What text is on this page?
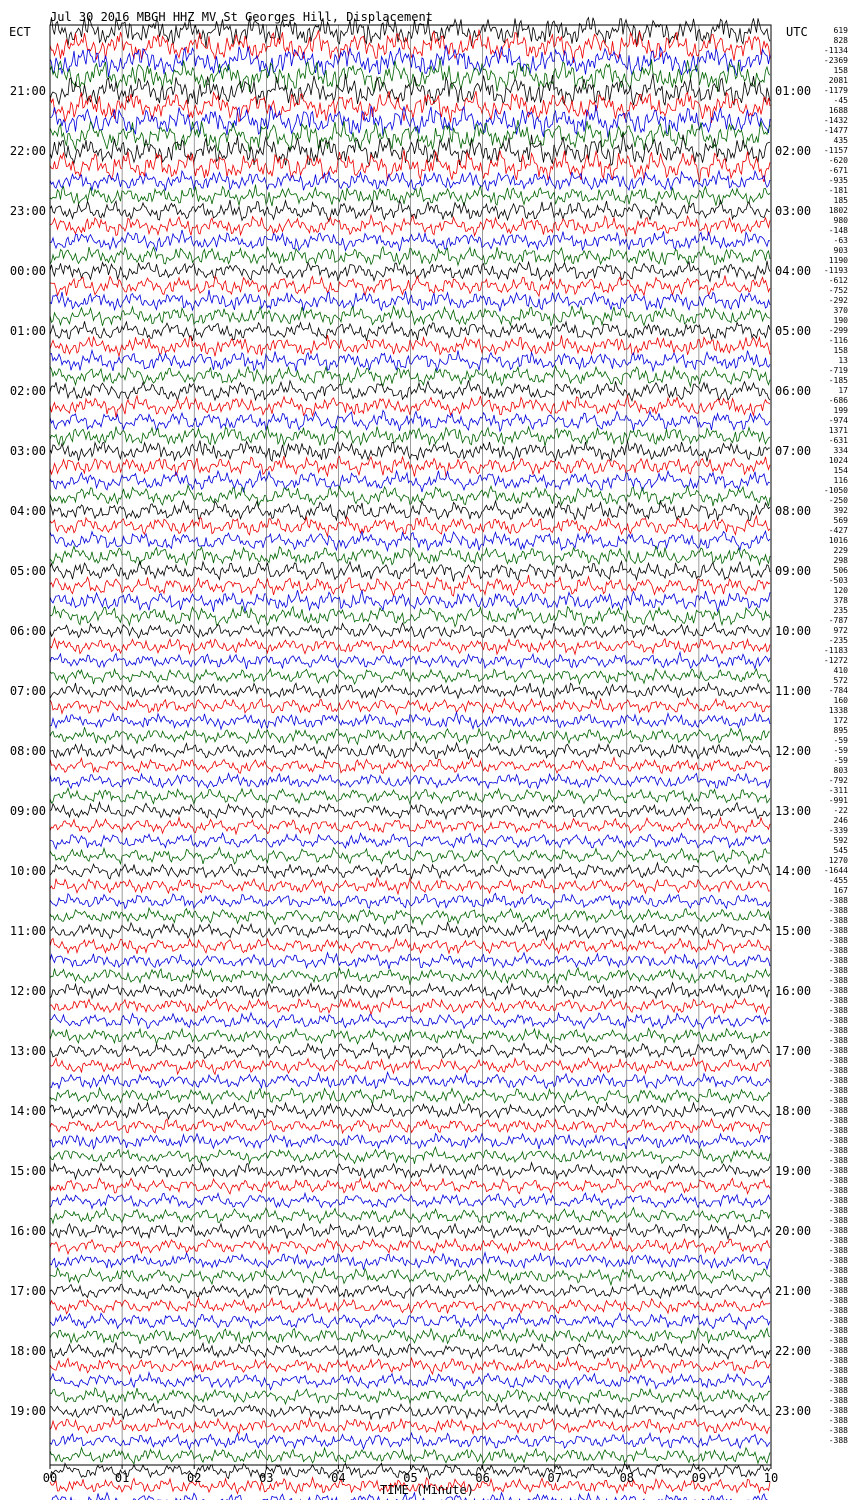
Jul 30 2016 MBGH HHZ MV St Georges Hill, Displacement
ECT	UTC
TIME (Minute)
21:00
22:00
23:00
00:00
01:00
02:00
03:00
04:00
05:00
06:00
07:00
08:00
09:00
10:00
11:00
12:00
13:00
14:00
15:00
16:00
17:00
18:00
19:00
01:00
02:00
03:00
04:00
05:00
06:00
07:00
08:00
09:00
10:00
11:00
12:00
13:00
14:00
15:00
16:00
17:00
18:00
19:00
20:00
21:00
22:00
23:00
00	01	02	03	04	05	06	07	08	09	10
619
828
-1134
-2369
158
2081
-1179
-45
1688
-1432
-1477
435
-1157
-620
-671
-935
-181
185
1802
980
-148
-63
903
1190
-1193
-612
-752
-292
370
190
-299
-116
158
13
-719
-185
17
-686
199
-974
1371
-631
334
1024
154
116
-1050
-250
392
569
-427
1016
229
298
506
-503
120
378
235
-787
972
-235
-1183
-1272
410
572
-784
160
1338
172
895
-59
-59
-59
803
-792
-311
-991
-22
246
-339
592
545
1270
-1644
-455
167
-388
-388
-388
-388
-388
-388
-388
-388
-388
-388
-388
-388
-388
-388
-388
-388
-388
-388
-388
-388
-388
-388
-388
-388
-388
-388
-388
-388
-388
-388
-388
-388
-388
-388
-388
-388
-388
-388
-388
-388
-388
-388
-388
-388
-388
-388
-388
-388
-388
-388
-388
-388
-388
-388
-388
